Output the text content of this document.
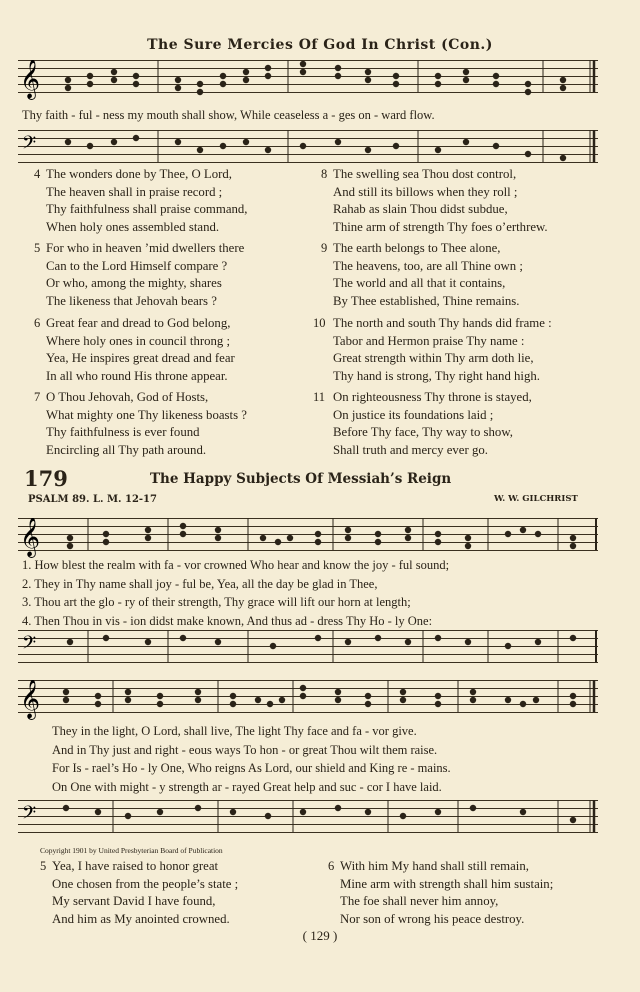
The Sure Mercies Of God In Christ (Con.)
𝄞
Thy faith - ful - ness my mouth shall show, While ceaseless a - ges on - ward flow.
𝄢
4 The wonders done by Thee, O Lord,
The heaven shall in praise record ;
Thy faithfulness shall praise command,
When holy ones assembled stand.
5 For who in heaven ’mid dwellers there
Can to the Lord Himself compare ?
Or who, among the mighty, shares
The likeness that Jehovah bears ?
6 Great fear and dread to God belong,
Where holy ones in council throng ;
Yea, He inspires great dread and fear
In all who round His throne appear.
7 O Thou Jehovah, God of Hosts,
What mighty one Thy likeness boasts ?
Thy faithfulness is ever found
Encircling all Thy path around.
8 The swelling sea Thou dost control,
And still its billows when they roll ;
Rahab as slain Thou didst subdue,
Thine arm of strength Thy foes o’erthrew.
9 The earth belongs to Thee alone,
The heavens, too, are all Thine own ;
The world and all that it contains,
By Thee established, Thine remains.
10 The north and south Thy hands did frame :
Tabor and Hermon praise Thy name :
Great strength within Thy arm doth lie,
Thy hand is strong, Thy right hand high.
11 On righteousness Thy throne is stayed,
On justice its foundations laid ;
Before Thy face, Thy way to show,
Shall truth and mercy ever go.
179	The Happy Subjects Of Messiah’s Reign
PSALM 89. L. M. 12-17	W. W. GILCHRIST
𝄞
1. How blest the realm with fa - vor crowned Who hear and know the joy - ful sound;
2. They in Thy name shall joy - ful be, Yea, all the day be glad in Thee,
3. Thou art the glo - ry of their strength, Thy grace will lift our horn at length;
4. Then Thou in vis - ion didst make known, And thus ad - dress Thy Ho - ly One:
𝄢
𝄞
They in the light, O Lord, shall live, The light Thy face and fa - vor give.
And in Thy just and right - eous ways To hon - or great Thou wilt them raise.
For Is - rael’s Ho - ly One, Who reigns As Lord, our shield and King re - mains.
On One with might - y strength ar - rayed Great help and suc - cor I have laid.
𝄢
Copyright 1901 by United Presbyterian Board of Publication
5 Yea, I have raised to honor great
One chosen from the people’s state ;
My servant David I have found,
And him as My anointed crowned.
6 With him My hand shall still remain,
Mine arm with strength shall him sustain;
The foe shall never him annoy,
Nor son of wrong his peace destroy.
( 129 )
